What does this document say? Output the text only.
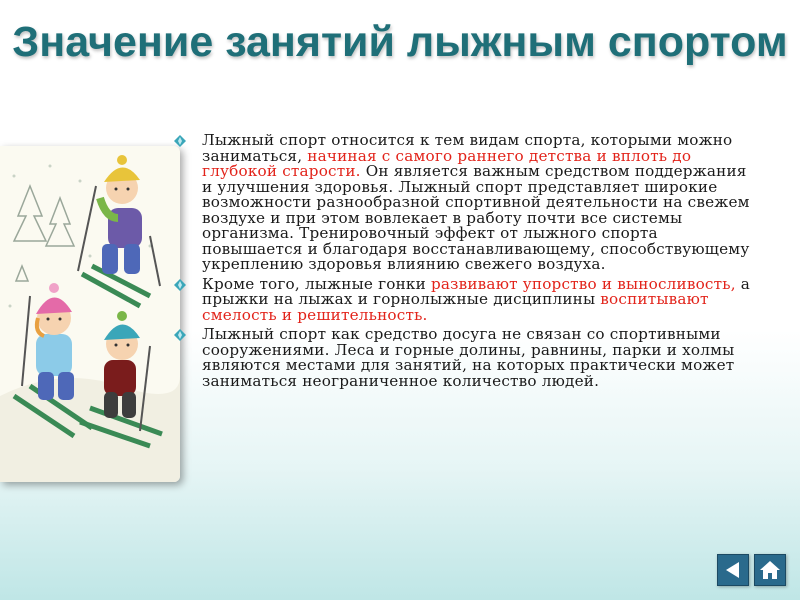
Значение занятий лыжным спортом

Лыжный спорт относится к тем видам спорта, которыми можно заниматься, начиная с самого раннего детства и вплоть до глубокой старости. Он является важным средством поддержания и улучшения здоровья. Лыжный спорт представляет широкие возможности разнообразной спортивной деятельности на свежем воздухе и при этом вовлекает в работу почти все системы организма. Тренировочный эффект от лыжного спорта повышается и благодаря восстанавливающему, способствующему укреплению здоровья влиянию свежего воздуха.

Кроме того, лыжные гонки развивают упорство и выносливость, а прыжки на лыжах и горнолыжные дисциплины воспитывают смелость и решительность.

Лыжный спорт как средство досуга не связан со спортивными сооружениями. Леса и горные долины, равнины, парки и холмы являются местами для занятий, на которых практически может заниматься неограниченное количество людей.
